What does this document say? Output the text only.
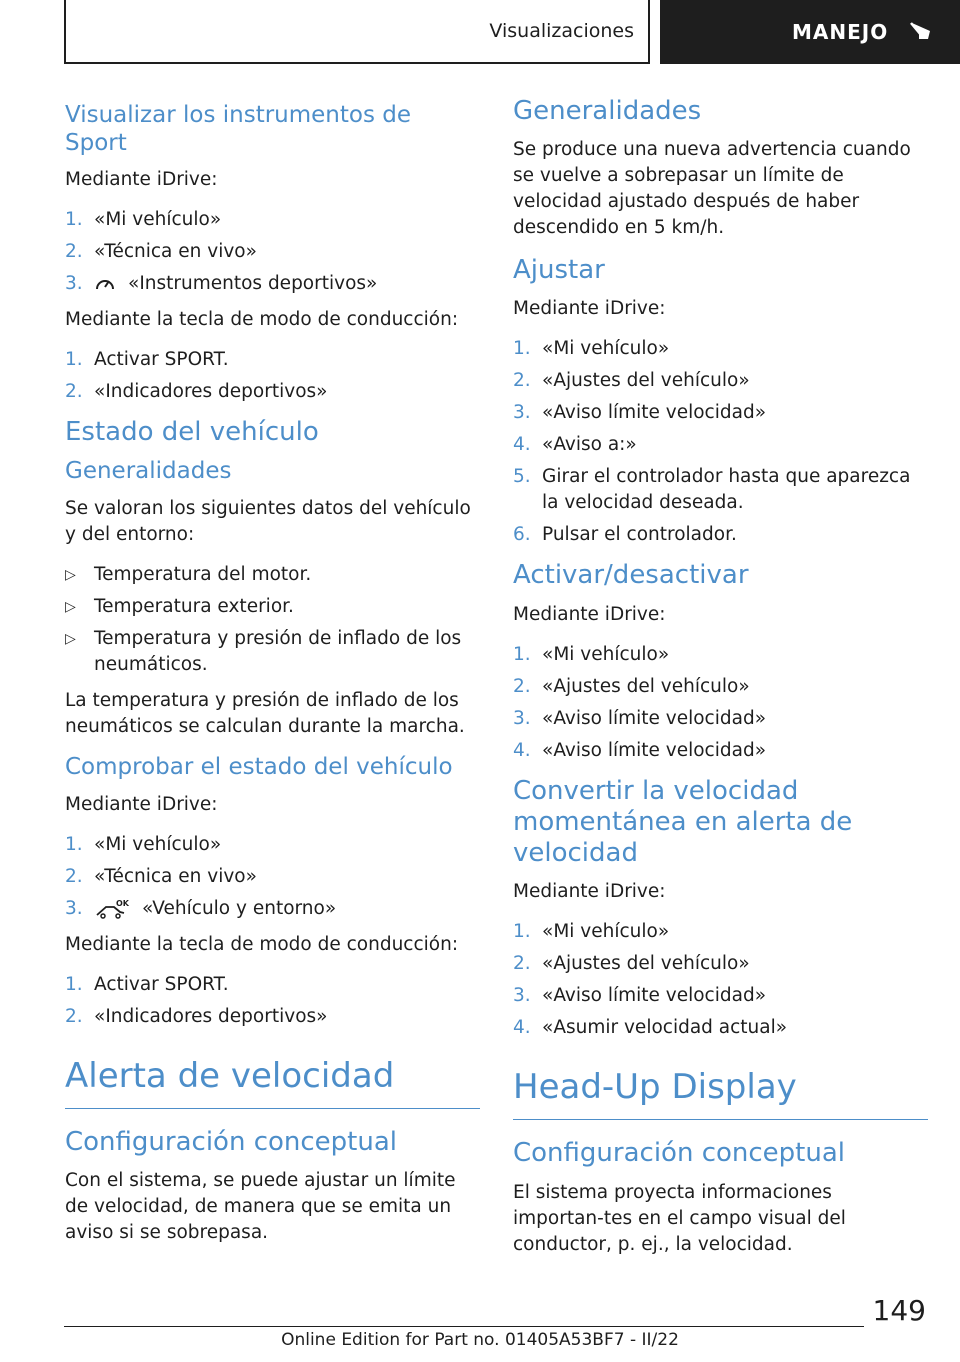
Visualizaciones	MANEJO
Visualizar los instrumentos de Sport

Mediante iDrive:

1. «Mi vehículo»
2. «Técnica en vivo»
3.	«Instrumentos deportivos»

Mediante la tecla de modo de conducción:

1. Activar SPORT.
2. «Indicadores deportivos»
Estado del vehículo
Generalidades

Se valoran los siguientes datos del vehículo y del entorno:

▷ Temperatura del motor.
▷ Temperatura exterior.
▷ Temperatura y presión de inflado de los neumáticos.

La temperatura y presión de inflado de los neumáticos se calculan durante la marcha.

Comprobar el estado del vehículo

Mediante iDrive:

1. «Mi vehículo»
2. «Técnica en vivo»
3.	OK «Vehículo y entorno»

Mediante la tecla de modo de conducción:

1. Activar SPORT.
2. «Indicadores deportivos»
Alerta de velocidad
Configuración conceptual

Con el sistema, se puede ajustar un límite de velocidad, de manera que se emita un aviso si se sobrepasa.

Generalidades

Se produce una nueva advertencia cuando se vuelve a sobrepasar un límite de velocidad ajustado después de haber descendido en 5 km/h.

Ajustar

Mediante iDrive:

1. «Mi vehículo»
2. «Ajustes del vehículo»
3. «Aviso límite velocidad»
4. «Aviso a:»
5. Girar el controlador hasta que aparezca la velocidad deseada.
6. Pulsar el controlador.
Activar/desactivar

Mediante iDrive:

1. «Mi vehículo»
2. «Ajustes del vehículo»
3. «Aviso límite velocidad»
4. «Aviso límite velocidad»
Convertir la velocidad momentánea en alerta de velocidad

Mediante iDrive:

1. «Mi vehículo»
2. «Ajustes del vehículo»
3. «Aviso límite velocidad»
4. «Asumir velocidad actual»
Head-Up Display
Configuración conceptual

El sistema proyecta informaciones importan-tes en el campo visual del conductor, p. ej., la velocidad.

149
Online Edition for Part no. 01405A53BF7 - II/22
